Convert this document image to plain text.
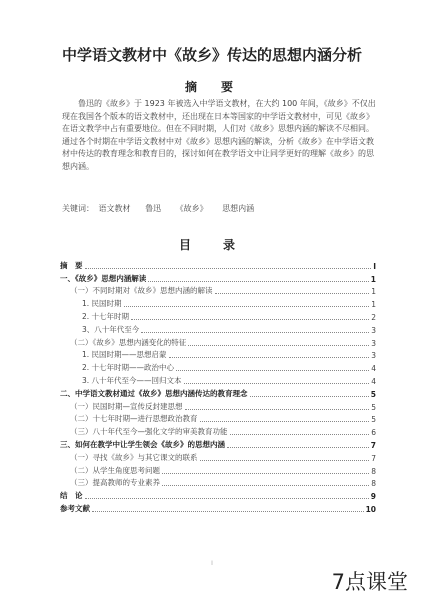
中学语文教材中《故乡》传达的思想内涵分析
摘　要

鲁迅的《故乡》于 1923 年被选入中学语文教材，在大约 100 年间，《故乡》不仅出现在我国各个版本的语文教材中，还出现在日本等国家的中学语文教材中，可见《故乡》在语文教学中占有重要地位。但在不同时期，人们对《故乡》思想内涵的解读不尽相同。通过各个时期在中学语文教材中对《故乡》思想内涵的解读，分析《故乡》在中学语文教材中传达的教育理念和教育目的，探讨如何在教学语文中让同学更好的理解《故乡》的思想内涵。

关键词： 语文教材 鲁迅 《故乡》 思想内涵
目　录
摘　要	I
一、《故乡》思想内涵解读	1
（一）不同时期对《故乡》思想内涵的解读	1
1. 民国时期	1
2. 十七年时期	2
3、八十年代至今	3
（二）《故乡》思想内涵变化的特征	3
1. 民国时期——思想启蒙	3
2. 十七年时期——政治中心	4
3. 八十年代至今——回归文本	4
二、中学语文教材通过《故乡》思想内涵传达的教育理念	5
（一）民国时期—宣传反封建思想	5
（二）十七年时期—进行思想政治教育	5
（三）八十年代至今—强化文学的审美教育功能	6
三、如何在教学中让学生领会《故乡》的思想内涵	7
（一）寻找《故乡》与其它课文的联系	7
（二）从学生角度思考问题	8
（三）提高教师的专业素养	8
结　论	9
参考文献	10
I
7点课堂
